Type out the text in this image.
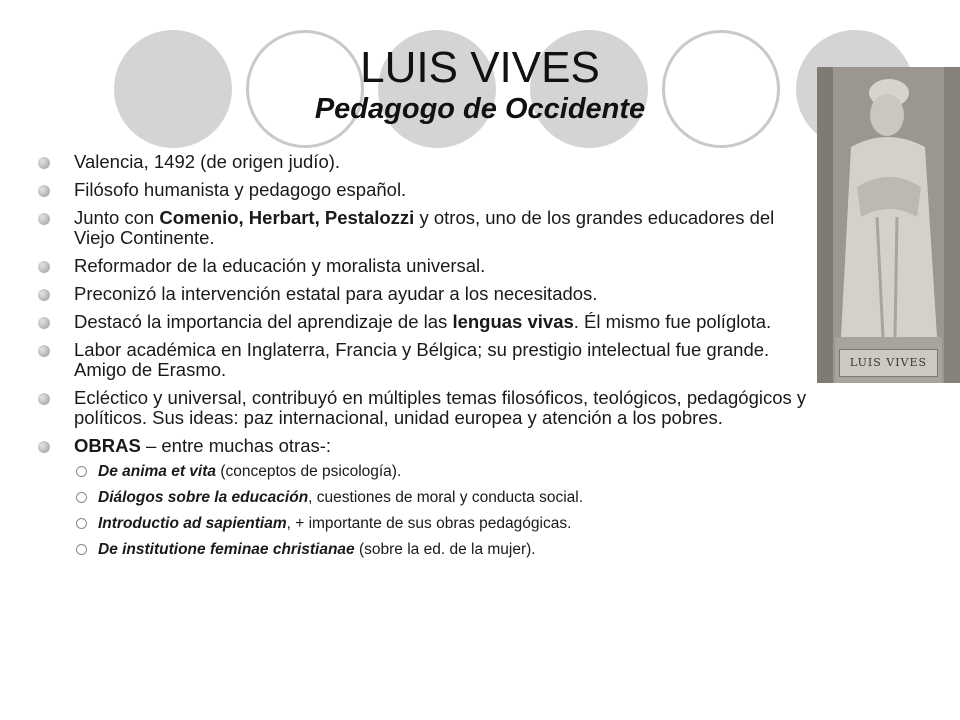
LUIS VIVES
Pedagogo de Occidente
LUIS VIVES
Valencia, 1492 (de origen judío).
Filósofo humanista y pedagogo español.
Junto con Comenio, Herbart, Pestalozzi y otros, uno de los grandes educadores del Viejo Continente.
Reformador de la educación y moralista universal.
Preconizó la intervención estatal para ayudar a los necesitados.
Destacó la importancia del aprendizaje de las lenguas vivas. Él mismo fue políglota.
Labor académica en Inglaterra, Francia y Bélgica; su prestigio intelectual fue grande. Amigo de Erasmo.
Ecléctico y universal, contribuyó en múltiples temas filosóficos, teológicos, pedagógicos y políticos. Sus ideas: paz internacional, unidad europea y atención a los pobres.
OBRAS – entre muchas otras-:
De anima et vita (conceptos de psicología).
Diálogos sobre la educación, cuestiones de moral y conducta social.
Introductio ad sapientiam, + importante de sus obras pedagógicas.
De institutione feminae christianae (sobre la ed. de la mujer).
